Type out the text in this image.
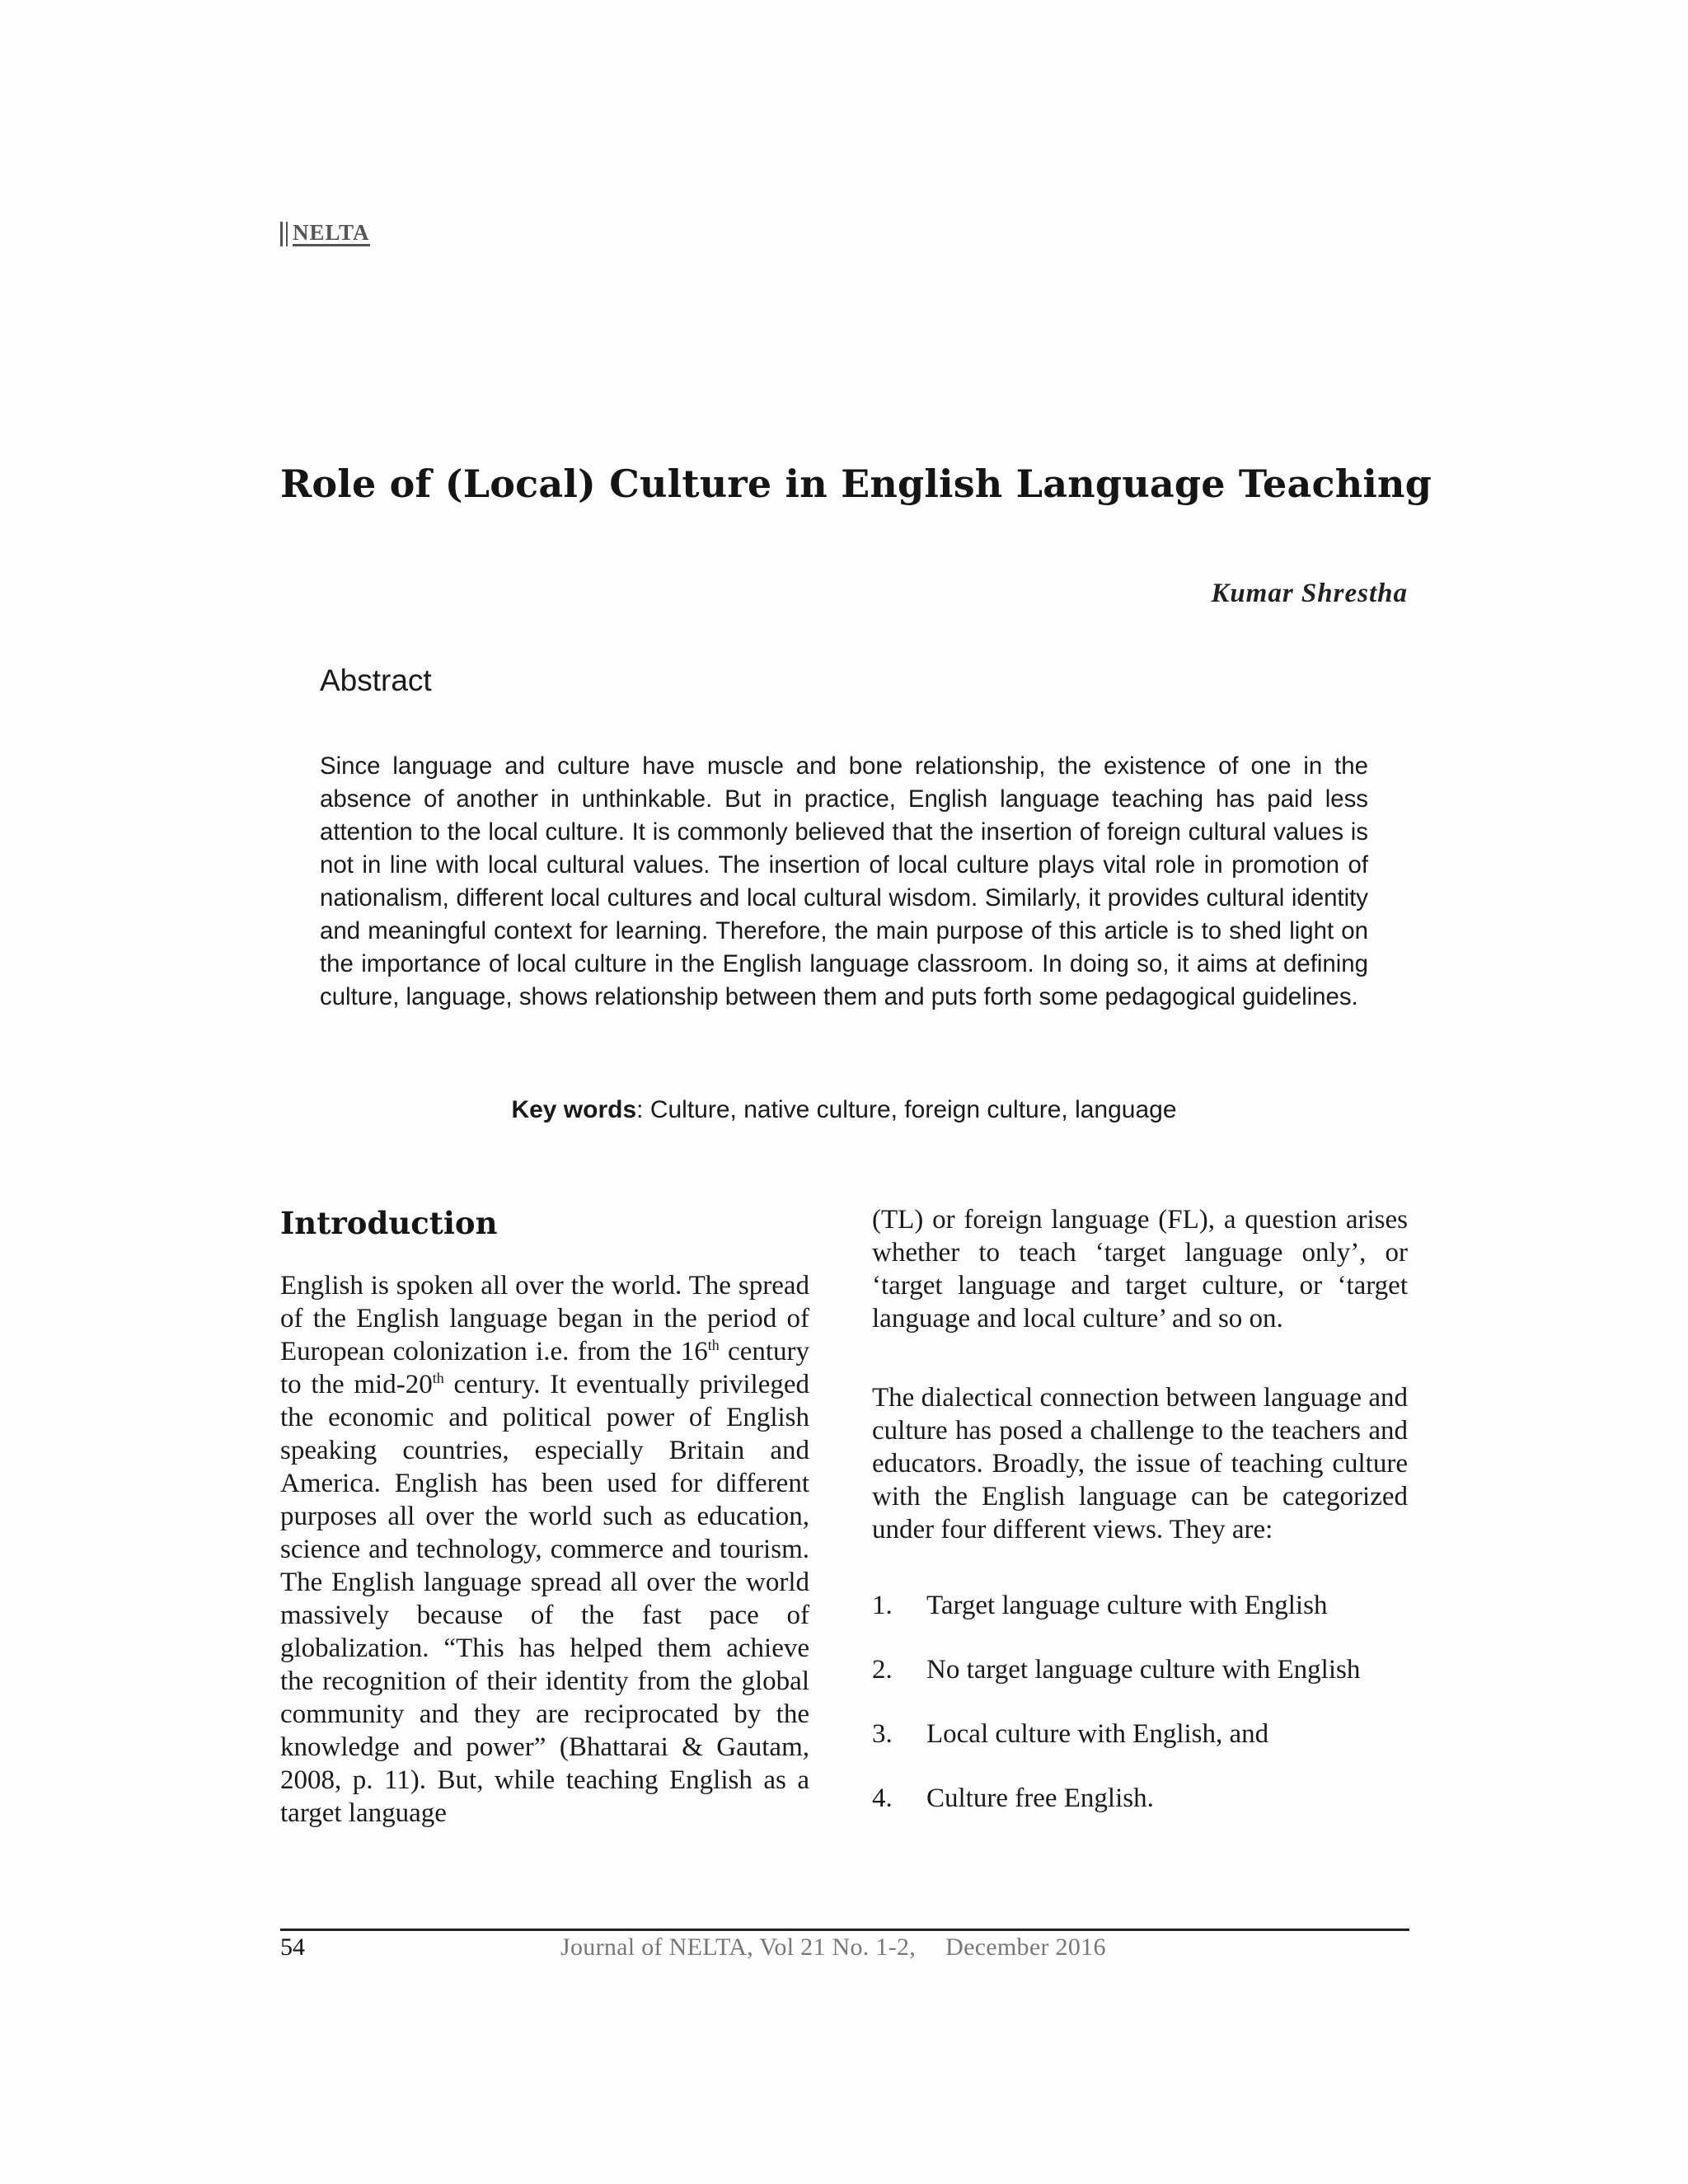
NELTA
Role of (Local) Culture in English Language Teaching
Kumar Shrestha
Abstract
Since language and culture have muscle and bone relationship, the existence of one in the absence of another in unthinkable. But in practice, English language teaching has paid less attention to the local culture. It is commonly believed that the insertion of foreign cultural values is not in line with local cultural values. The insertion of local culture plays vital role in promotion of nationalism, different local cultures and local cultural wisdom. Similarly, it provides cultural identity and meaningful context for learning. Therefore, the main purpose of this article is to shed light on the importance of local culture in the English language classroom. In doing so, it aims at defining culture, language, shows relationship between them and puts forth some pedagogical guidelines.
Key words: Culture, native culture, foreign culture, language
Introduction

English is spoken all over the world. The spread of the English language began in the period of European colonization i.e. from the 16th century to the mid-20th century. It eventually privileged the economic and political power of English speaking countries, especially Britain and America. English has been used for different purposes all over the world such as education, science and technology, commerce and tourism. The English language spread all over the world massively because of the fast pace of globalization. “This has helped them achieve the recognition of their identity from the global community and they are reciprocated by the knowledge and power” (Bhattarai & Gautam, 2008, p. 11). But, while teaching English as a target language

(TL) or foreign language (FL), a question arises whether to teach ‘target language only’, or ‘target language and target culture, or ‘target language and local culture’ and so on.

The dialectical connection between language and culture has posed a challenge to the teachers and educators. Broadly, the issue of teaching culture with the English language can be categorized under four different views. They are:

1.	Target language culture with English
2.	No target language culture with English
3.	Local culture with English, and
4.	Culture free English.
54	Journal of NELTA, Vol 21 No. 1-2, December 2016
